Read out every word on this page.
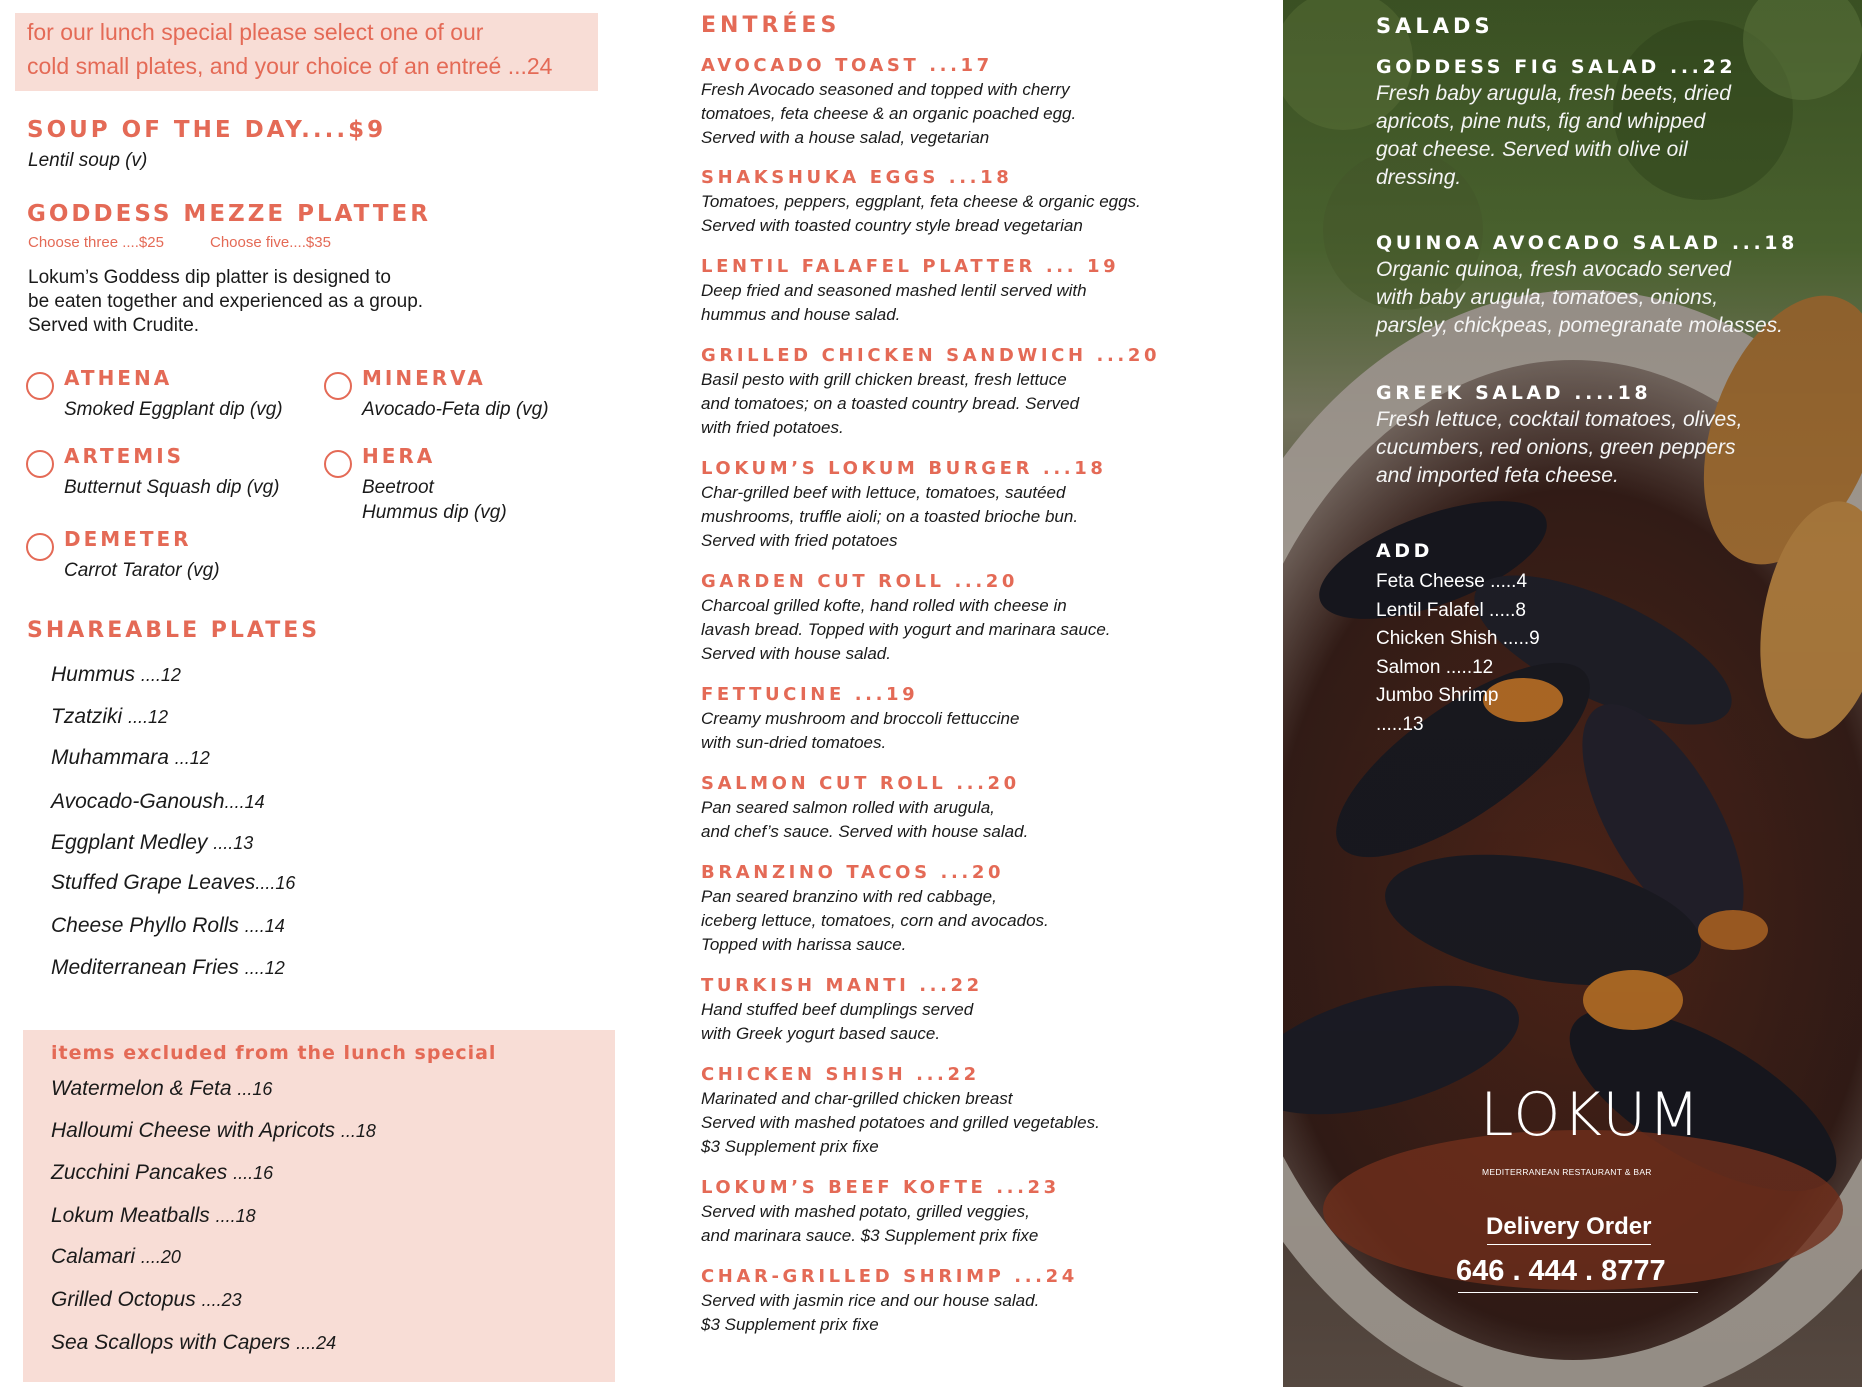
for our lunch special please select one of our
cold small plates, and your choice of an entreé ...24
SOUP OF THE DAY....$9
Lentil soup (v)
GODDESS MEZZE PLATTER
Choose three ....$25	Choose five....$35
Lokum’s Goddess dip platter is designed to
be eaten together and experienced as a group.
Served with Crudite.
ATHENA
Smoked Eggplant dip (vg)
MINERVA
Avocado-Feta dip (vg)
ARTEMIS
Butternut Squash dip (vg)
HERA
Beetroot
Hummus dip (vg)
DEMETER
Carrot Tarator (vg)
SHAREABLE PLATES
Hummus ....12
Tzatziki ....12
Muhammara ...12
Avocado-Ganoush....14
Eggplant Medley ....13
Stuffed Grape Leaves....16
Cheese Phyllo Rolls ....14
Mediterranean Fries ....12
items excluded from the lunch special
Watermelon & Feta ...16
Halloumi Cheese with Apricots ...18
Zucchini Pancakes ....16
Lokum Meatballs ....18
Calamari ....20
Grilled Octopus ....23
Sea Scallops with Capers ....24
ENTRÉES
AVOCADO TOAST ...17
Fresh Avocado seasoned and topped with cherry
tomatoes, feta cheese & an organic poached egg.
Served with a house salad, vegetarian
SHAKSHUKA EGGS ...18
Tomatoes, peppers, eggplant, feta cheese & organic eggs.
Served with toasted country style bread vegetarian
LENTIL FALAFEL PLATTER ... 19
Deep fried and seasoned mashed lentil served with
hummus and house salad.
GRILLED CHICKEN SANDWICH ...20
Basil pesto with grill chicken breast, fresh lettuce
and tomatoes; on a toasted country bread. Served
with fried potatoes.
LOKUM’S LOKUM BURGER ...18
Char-grilled beef with lettuce, tomatoes, sautéed
mushrooms, truffle aioli; on a toasted brioche bun.
Served with fried potatoes
GARDEN CUT ROLL ...20
Charcoal grilled kofte, hand rolled with cheese in
lavash bread. Topped with yogurt and marinara sauce.
Served with house salad.
FETTUCINE ...19
Creamy mushroom and broccoli fettuccine
with sun-dried tomatoes.
SALMON CUT ROLL ...20
Pan seared salmon rolled with arugula,
and chef’s sauce. Served with house salad.
BRANZINO TACOS ...20
Pan seared branzino with red cabbage,
iceberg lettuce, tomatoes, corn and avocados.
Topped with harissa sauce.
TURKISH MANTI ...22
Hand stuffed beef dumplings served
with Greek yogurt based sauce.
CHICKEN SHISH ...22
Marinated and char-grilled chicken breast
Served with mashed potatoes and grilled vegetables.
$3 Supplement prix fixe
LOKUM’S BEEF KOFTE ...23
Served with mashed potato, grilled veggies,
and marinara sauce. $3 Supplement prix fixe
CHAR-GRILLED SHRIMP ...24
Served with jasmin rice and our house salad.
$3 Supplement prix fixe
SALADS
GODDESS FIG SALAD ...22
Fresh baby arugula, fresh beets, dried
apricots, pine nuts, fig and whipped
goat cheese. Served with olive oil
dressing.
QUINOA AVOCADO SALAD ...18
Organic quinoa, fresh avocado served
with baby arugula, tomatoes, onions,
parsley, chickpeas, pomegranate molasses.
GREEK SALAD ....18
Fresh lettuce, cocktail tomatoes, olives,
cucumbers, red onions, green peppers
and imported feta cheese.
ADD
Feta Cheese .....4
Lentil Falafel .....8
Chicken Shish .....9
Salmon .....12
Jumbo Shrimp
.....13
LOKUM
MEDITERRANEAN RESTAURANT & BAR
Delivery Order
646 . 444 . 8777
